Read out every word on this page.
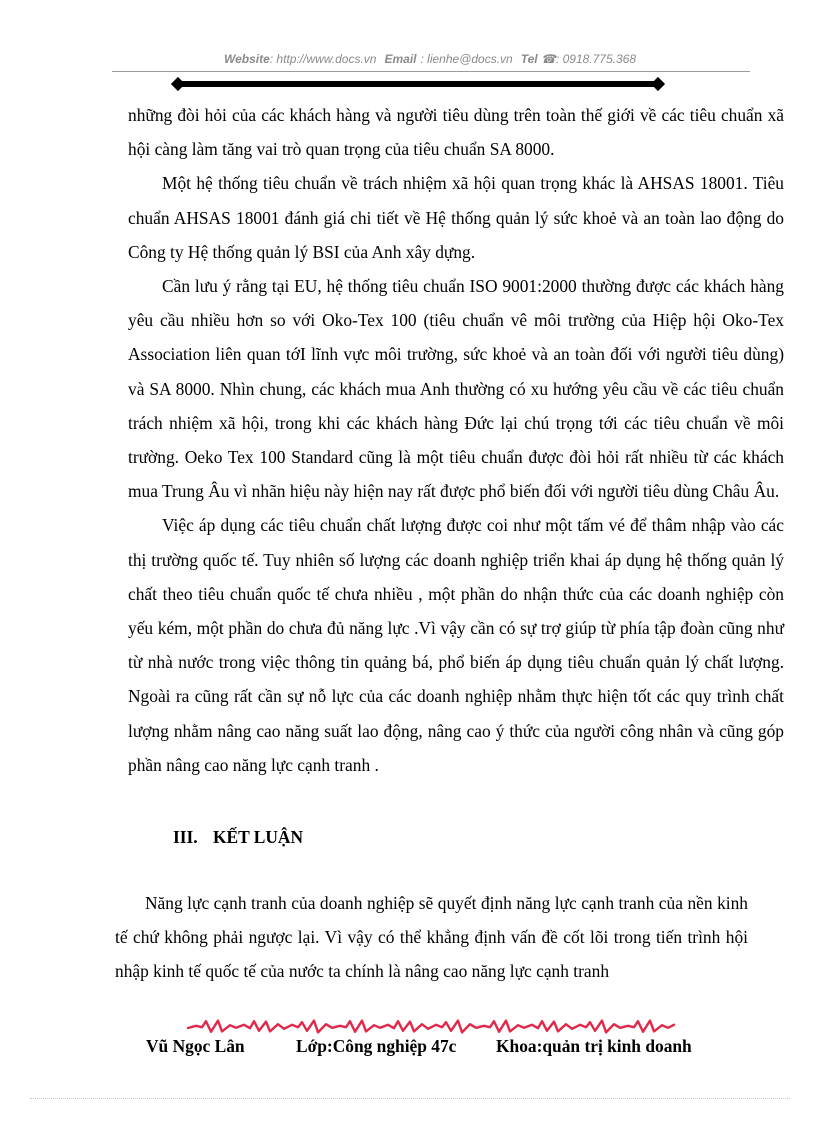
Website: http://www.docs.vn Email : lienhe@docs.vn Tel ☎: 0918.775.368

những đòi hỏi của các khách hàng và người tiêu dùng trên toàn thế giới về các tiêu chuẩn xã hội càng làm tăng vai trò quan trọng của tiêu chuẩn SA 8000.

Một hệ thống tiêu chuẩn về trách nhiệm xã hội quan trọng khác là AHSAS 18001. Tiêu chuẩn AHSAS 18001 đánh giá chi tiết về Hệ thống quản lý sức khoẻ và an toàn lao động do Công ty Hệ thống quản lý BSI của Anh xây dựng.

Cần lưu ý rằng tại EU, hệ thống tiêu chuẩn ISO 9001:2000 thường được các khách hàng yêu cầu nhiều hơn so với Oko-Tex 100 (tiêu chuẩn vê môi trường của Hiệp hội Oko-Tex Association liên quan tớI lĩnh vực môi trường, sức khoẻ và an toàn đối với người tiêu dùng) và SA 8000. Nhìn chung, các khách mua Anh thường có xu hướng yêu cầu về các tiêu chuẩn trách nhiệm xã hội, trong khi các khách hàng Đức lại chú trọng tới các tiêu chuẩn về môi trường. Oeko Tex 100 Standard cũng là một tiêu chuẩn được đòi hỏi rất nhiều từ các khách mua Trung Âu vì nhãn hiệu này hiện nay rất được phổ biến đối với người tiêu dùng Châu Âu.

Việc áp dụng các tiêu chuẩn chất lượng được coi như một tấm vé để thâm nhập vào các thị trường quốc tế. Tuy nhiên số lượng các doanh nghiệp triển khai áp dụng hệ thống quản lý chất theo tiêu chuẩn quốc tế chưa nhiều , một phần do nhận thức của các doanh nghiệp còn yếu kém, một phần do chưa đủ năng lực .Vì vậy cần có sự trợ giúp từ phía tập đoàn cũng như từ nhà nước trong việc thông tin quảng bá, phổ biến áp dụng tiêu chuẩn quản lý chất lượng. Ngoài ra cũng rất cần sự nỗ lực của các doanh nghiệp nhằm thực hiện tốt các quy trình chất lượng nhằm nâng cao năng suất lao động, nâng cao ý thức của người công nhân và cũng góp phần nâng cao năng lực cạnh tranh .

III. KẾT LUẬN

Năng lực cạnh tranh của doanh nghiệp sẽ quyết định năng lực cạnh tranh của nền kinh tế chứ không phải ngược lại. Vì vậy có thể khẳng định vấn đề cốt lõi trong tiến trình hội nhập kinh tế quốc tế của nước ta chính là nâng cao năng lực cạnh tranh

Vũ Ngọc Lân	Lớp:Công nghiệp 47c Khoa:quản trị kinh doanh
